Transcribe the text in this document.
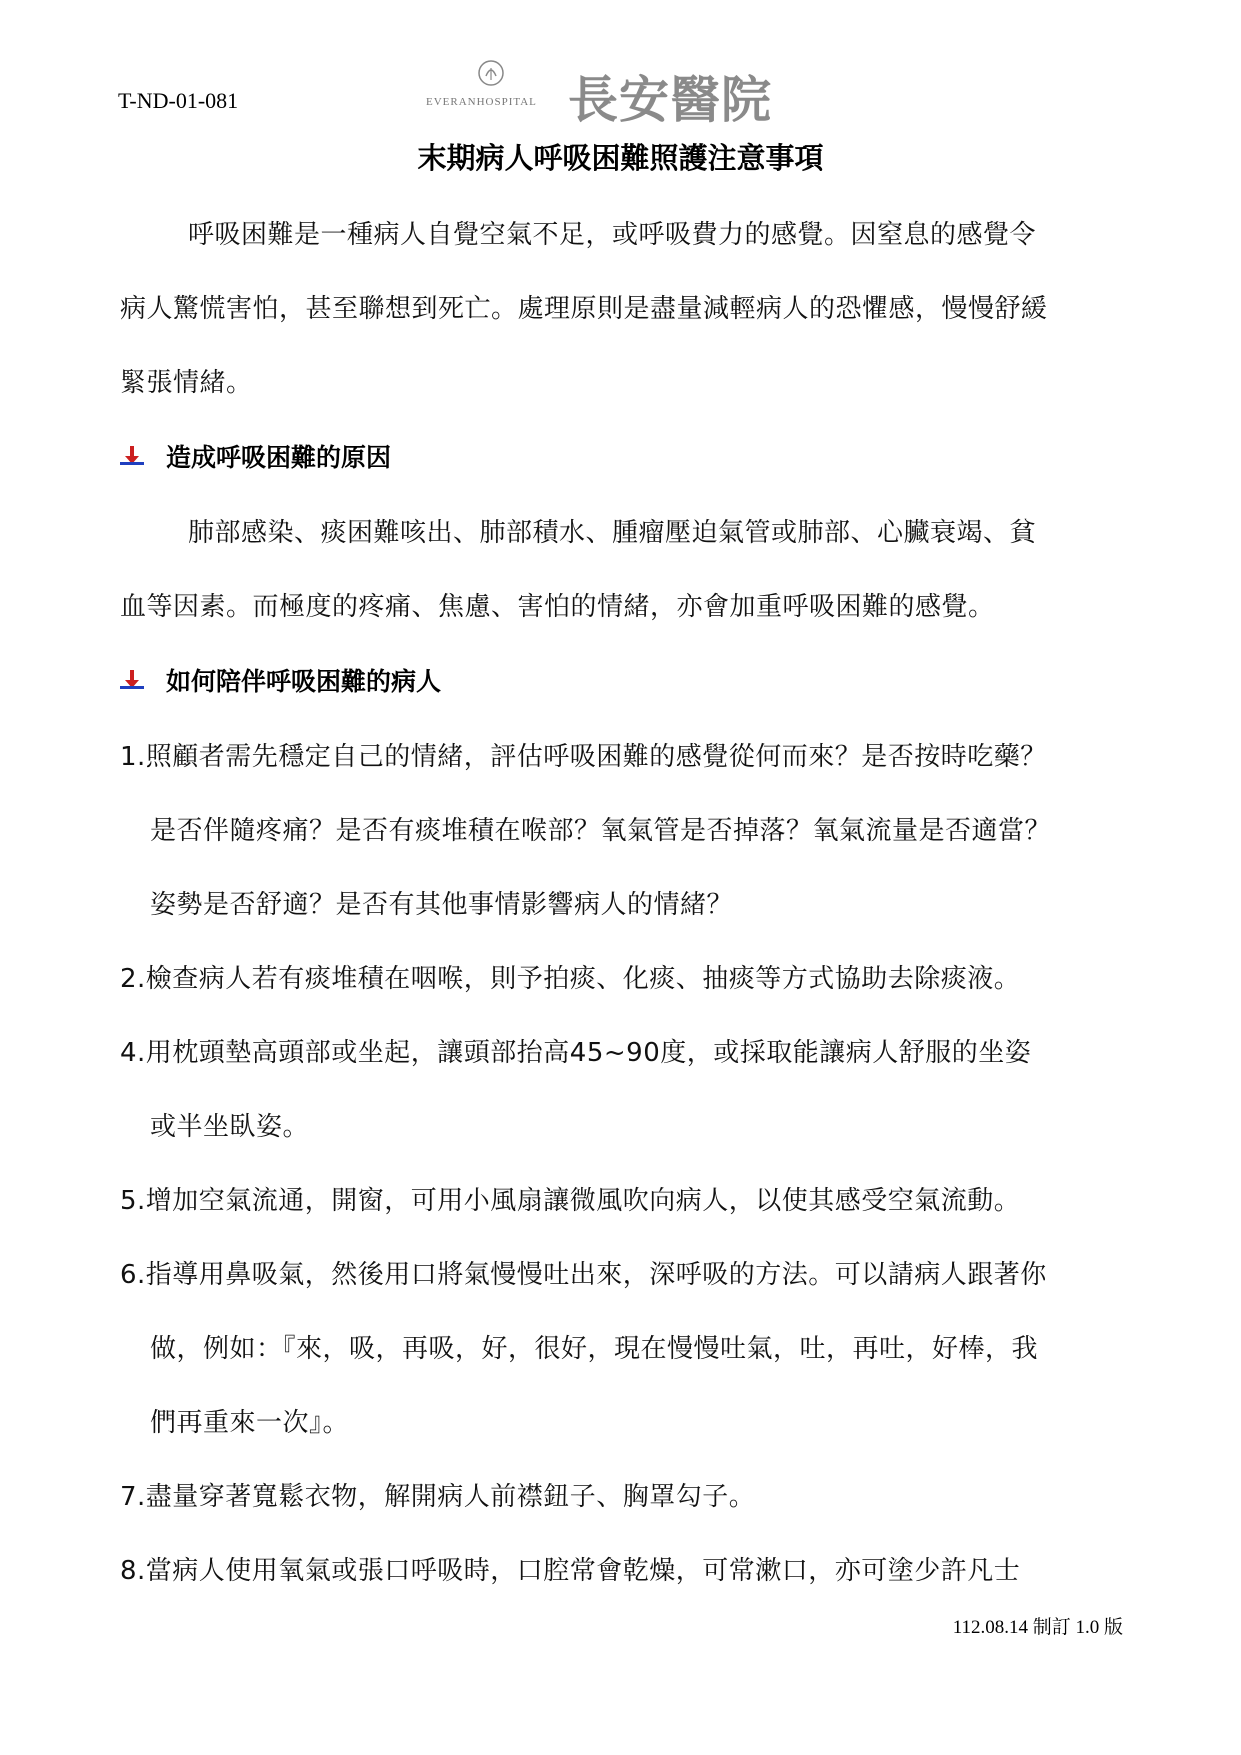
T-ND-01-081	EVERANHOSPITAL 長安醫院
末期病人呼吸困難照護注意事項
呼吸困難是一種病人自覺空氣不足，或呼吸費力的感覺。因窒息的感覺令
病人驚慌害怕，甚至聯想到死亡。處理原則是盡量減輕病人的恐懼感，慢慢舒緩
緊張情緒。
造成呼吸困難的原因
肺部感染、痰困難咳出、肺部積水、腫瘤壓迫氣管或肺部、心臟衰竭、貧
血等因素。而極度的疼痛、焦慮、害怕的情緒，亦會加重呼吸困難的感覺。
如何陪伴呼吸困難的病人
1.照顧者需先穩定自己的情緒，評估呼吸困難的感覺從何而來？是否按時吃藥？
是否伴隨疼痛？是否有痰堆積在喉部？氧氣管是否掉落？氧氣流量是否適當？
姿勢是否舒適？是否有其他事情影響病人的情緒？
2.檢查病人若有痰堆積在咽喉，則予拍痰、化痰、抽痰等方式協助去除痰液。
4.用枕頭墊高頭部或坐起，讓頭部抬高45~90度，或採取能讓病人舒服的坐姿
或半坐臥姿。
5.增加空氣流通，開窗，可用小風扇讓微風吹向病人，以使其感受空氣流動。
6.指導用鼻吸氣，然後用口將氣慢慢吐出來，深呼吸的方法。可以請病人跟著你
做，例如：『來，吸，再吸，好，很好，現在慢慢吐氣，吐，再吐，好棒，我
們再重來一次』。
7.盡量穿著寬鬆衣物，解開病人前襟鈕子、胸罩勾子。
8.當病人使用氧氣或張口呼吸時，口腔常會乾燥，可常漱口，亦可塗少許凡士
112.08.14 制訂 1.0 版
